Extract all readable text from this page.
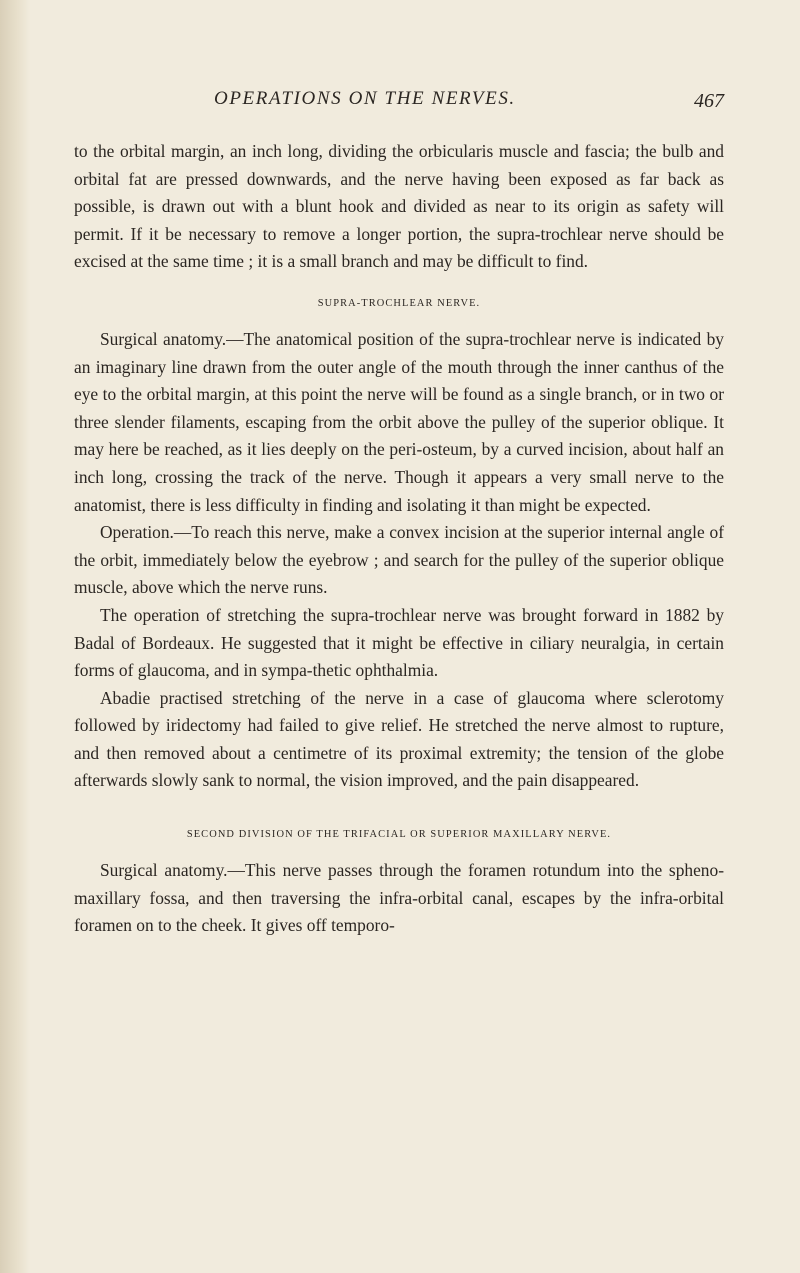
OPERATIONS ON THE NERVES.	467

to the orbital margin, an inch long, dividing the orbicularis muscle and fascia; the bulb and orbital fat are pressed downwards, and the nerve having been exposed as far back as possible, is drawn out with a blunt hook and divided as near to its origin as safety will permit. If it be necessary to remove a longer portion, the supra-trochlear nerve should be excised at the same time ; it is a small branch and may be difficult to find.

SUPRA-TROCHLEAR NERVE.

Surgical anatomy.—The anatomical position of the supra-trochlear nerve is indicated by an imaginary line drawn from the outer angle of the mouth through the inner canthus of the eye to the orbital margin, at this point the nerve will be found as a single branch, or in two or three slender filaments, escaping from the orbit above the pulley of the superior oblique. It may here be reached, as it lies deeply on the peri-osteum, by a curved incision, about half an inch long, crossing the track of the nerve. Though it appears a very small nerve to the anatomist, there is less difficulty in finding and isolating it than might be expected.

Operation.—To reach this nerve, make a convex incision at the superior internal angle of the orbit, immediately below the eyebrow ; and search for the pulley of the superior oblique muscle, above which the nerve runs.

The operation of stretching the supra-trochlear nerve was brought forward in 1882 by Badal of Bordeaux. He suggested that it might be effective in ciliary neuralgia, in certain forms of glaucoma, and in sympa-thetic ophthalmia.

Abadie practised stretching of the nerve in a case of glaucoma where sclerotomy followed by iridectomy had failed to give relief. He stretched the nerve almost to rupture, and then removed about a centimetre of its proximal extremity; the tension of the globe afterwards slowly sank to normal, the vision improved, and the pain disappeared.

SECOND DIVISION OF THE TRIFACIAL OR SUPERIOR MAXILLARY NERVE.

Surgical anatomy.—This nerve passes through the foramen rotundum into the spheno-maxillary fossa, and then traversing the infra-orbital canal, escapes by the infra-orbital foramen on to the cheek. It gives off temporo-
